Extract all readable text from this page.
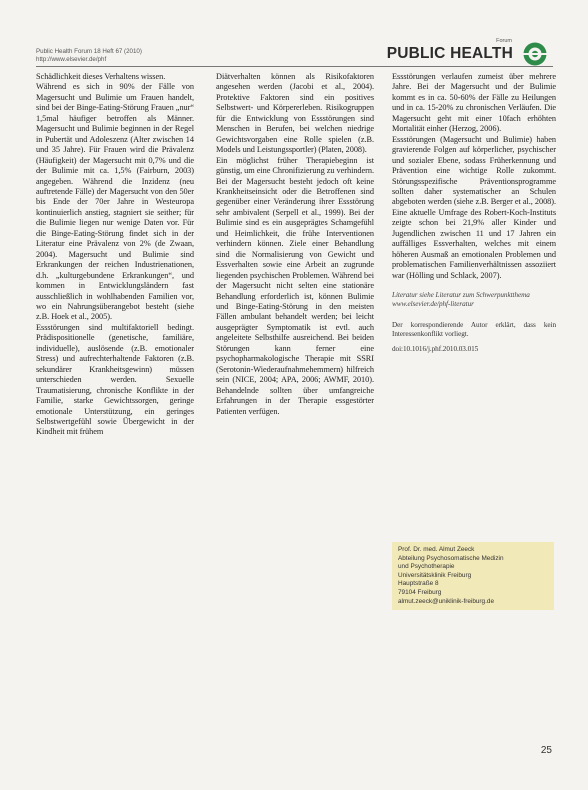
Public Health Forum 18 Heft 67 (2010)
http://www.elsevier.de/phf
Forum
PUBLIC HEALTH

Schädlichkeit dieses Verhaltens wissen.

Während es sich in 90% der Fälle von Magersucht und Bulimie um Frauen handelt, sind bei der Binge-Eating-Störung Frauen „nur“ 1,5mal häufiger betroffen als Männer. Magersucht und Bulimie beginnen in der Regel in Pubertät und Adoleszenz (Alter zwischen 14 und 35 Jahre). Für Frauen wird die Prävalenz (Häufigkeit) der Magersucht mit 0,7% und die der Bulimie mit ca. 1,5% (Fairburn, 2003) angegeben. Während die Inzidenz (neu auftretende Fälle) der Magersucht von den 50er bis Ende der 70er Jahre in Westeuropa kontinuierlich anstieg, stagniert sie seither; für die Bulimie liegen nur wenige Daten vor. Für die Binge-Eating-Störung findet sich in der Literatur eine Prävalenz von 2% (de Zwaan, 2004). Magersucht und Bulimie sind Erkrankungen der reichen Industrienationen, d.h. „kulturgebundene Erkrankungen“, und kommen in Entwicklungsländern fast ausschließlich in wohlhabenden Familien vor, wo ein Nahrungsüberangebot besteht (siehe z.B. Hoek et al., 2005).

Essstörungen sind multifaktoriell bedingt. Prädispositionelle (genetische, familiäre, individuelle), auslösende (z.B. emotionaler Stress) und aufrechterhaltende Faktoren (z.B. sekundärer Krankheitsgewinn) müssen unterschieden werden. Sexuelle Traumatisierung, chronische Konflikte in der Familie, starke Gewichtssorgen, geringe emotionale Unterstützung, ein geringes Selbstwertgefühl sowie Übergewicht in der Kindheit mit frühem

Diätverhalten können als Risikofaktoren angesehen werden (Jacobi et al., 2004). Protektive Faktoren sind ein positives Selbstwert- und Körpererleben. Risikogruppen für die Entwicklung von Essstörungen sind Menschen in Berufen, bei welchen niedrige Gewichtsvorgaben eine Rolle spielen (z.B. Models und Leistungssportler) (Platen, 2008).

Ein möglichst früher Therapiebeginn ist günstig, um eine Chronifizierung zu verhindern. Bei der Magersucht besteht jedoch oft keine Krankheitseinsicht oder die Betroffenen sind gegenüber einer Veränderung ihrer Essstörung sehr ambivalent (Serpell et al., 1999). Bei der Bulimie sind es ein ausgeprägtes Schamgefühl und Heimlichkeit, die frühe Interventionen verhindern können. Ziele einer Behandlung sind die Normalisierung von Gewicht und Essverhalten sowie eine Arbeit an zugrunde liegenden psychischen Problemen. Während bei der Magersucht nicht selten eine stationäre Behandlung erforderlich ist, können Bulimie und Binge-Eating-Störung in den meisten Fällen ambulant behandelt werden; bei leicht ausgeprägter Symptomatik ist evtl. auch angeleitete Selbsthilfe ausreichend. Bei beiden Störungen kann ferner eine psychopharmakologische Therapie mit SSRI (Serotonin-Wiederaufnahmehemmern) hilfreich sein (NICE, 2004; APA, 2006; AWMF, 2010). Behandelnde sollten über umfangreiche Erfahrungen in der Therapie essgestörter Patienten verfügen.

Essstörungen verlaufen zumeist über mehrere Jahre. Bei der Magersucht und der Bulimie kommt es in ca. 50-60% der Fälle zu Heilungen und in ca. 15-20% zu chronischen Verläufen. Die Magersucht geht mit einer 10fach erhöhten Mortalität einher (Herzog, 2006).

Essstörungen (Magersucht und Bulimie) haben gravierende Folgen auf körperlicher, psychischer und sozialer Ebene, sodass Früherkennung und Prävention eine wichtige Rolle zukommt. Störungsspezifische Präventionsprogramme sollten daher systematischer an Schulen abgeboten werden (siehe z.B. Berger et al., 2008). Eine aktuelle Umfrage des Robert-Koch-Instituts zeigte schon bei 21,9% aller Kinder und Jugendlichen zwischen 11 und 17 Jahren ein auffälliges Essverhalten, welches mit einem höheren Ausmaß an emotionalen Problemen und problematischen Familienverhältnissen assoziiert war (Hölling und Schlack, 2007).

Literatur siehe Literatur zum Schwerpunktthema

www.elsevier.de/phf-literatur

Der korrespondierende Autor erklärt, dass kein Interessenkonflikt vorliegt.

doi:10.1016/j.phf.2010.03.015

Prof. Dr. med. Almut Zeeck
Abteilung Psychosomatische Medizin
und Psychotherapie
Universitätsklinik Freiburg
Hauptstraße 8
79104 Freiburg
almut.zeeck@uniklinik-freiburg.de
25
